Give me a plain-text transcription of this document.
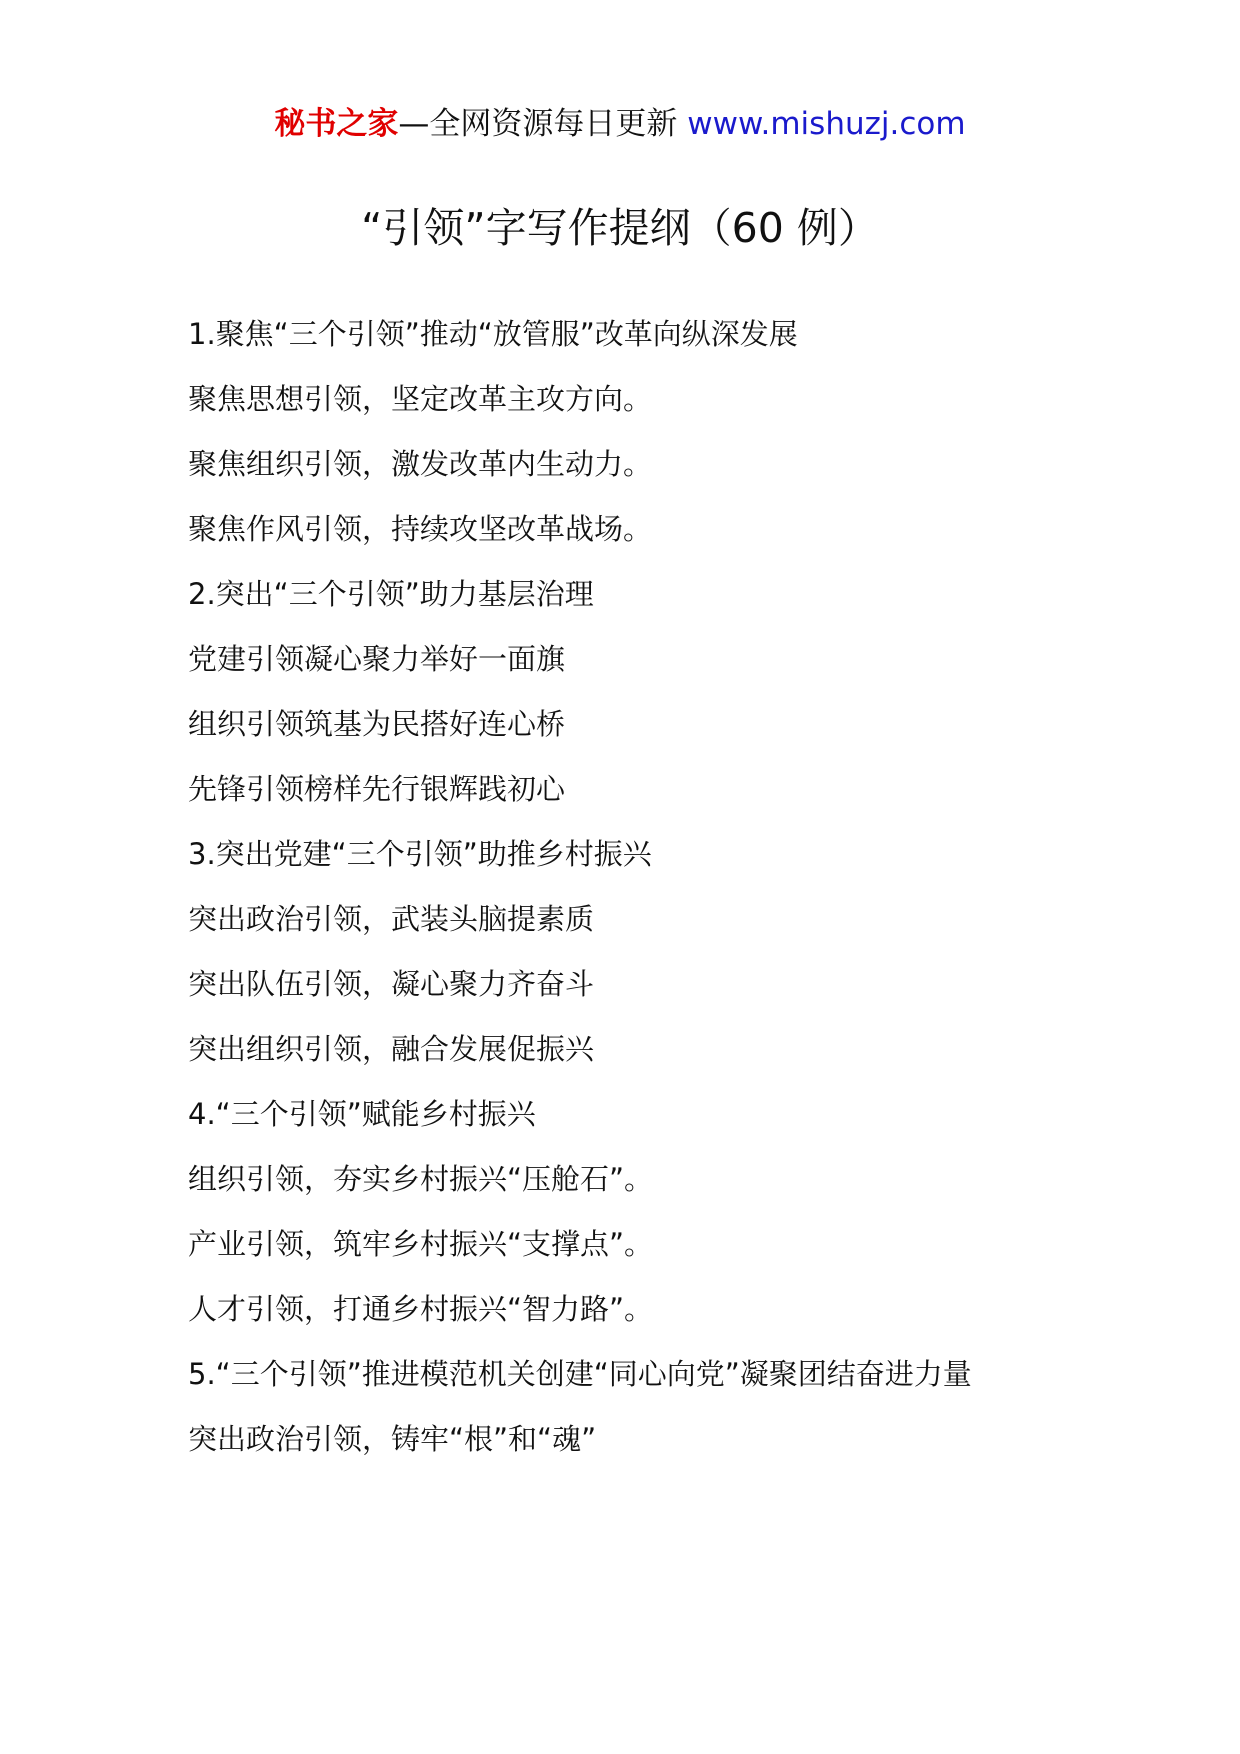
秘书之家—全网资源每日更新 www.mishuzj.com
“引领”字写作提纲（60 例）
1.聚焦“三个引领”推动“放管服”改革向纵深发展
聚焦思想引领，坚定改革主攻方向。
聚焦组织引领，激发改革内生动力。
聚焦作风引领，持续攻坚改革战场。
2.突出“三个引领”助力基层治理
党建引领凝心聚力举好一面旗
组织引领筑基为民搭好连心桥
先锋引领榜样先行银辉践初心
3.突出党建“三个引领”助推乡村振兴
突出政治引领，武装头脑提素质
突出队伍引领，凝心聚力齐奋斗
突出组织引领，融合发展促振兴
4.“三个引领”赋能乡村振兴
组织引领，夯实乡村振兴“压舱石”。
产业引领，筑牢乡村振兴“支撑点”。
人才引领，打通乡村振兴“智力路”。
5.“三个引领”推进模范机关创建“同心向党”凝聚团结奋进力量
突出政治引领，铸牢“根”和“魂”
